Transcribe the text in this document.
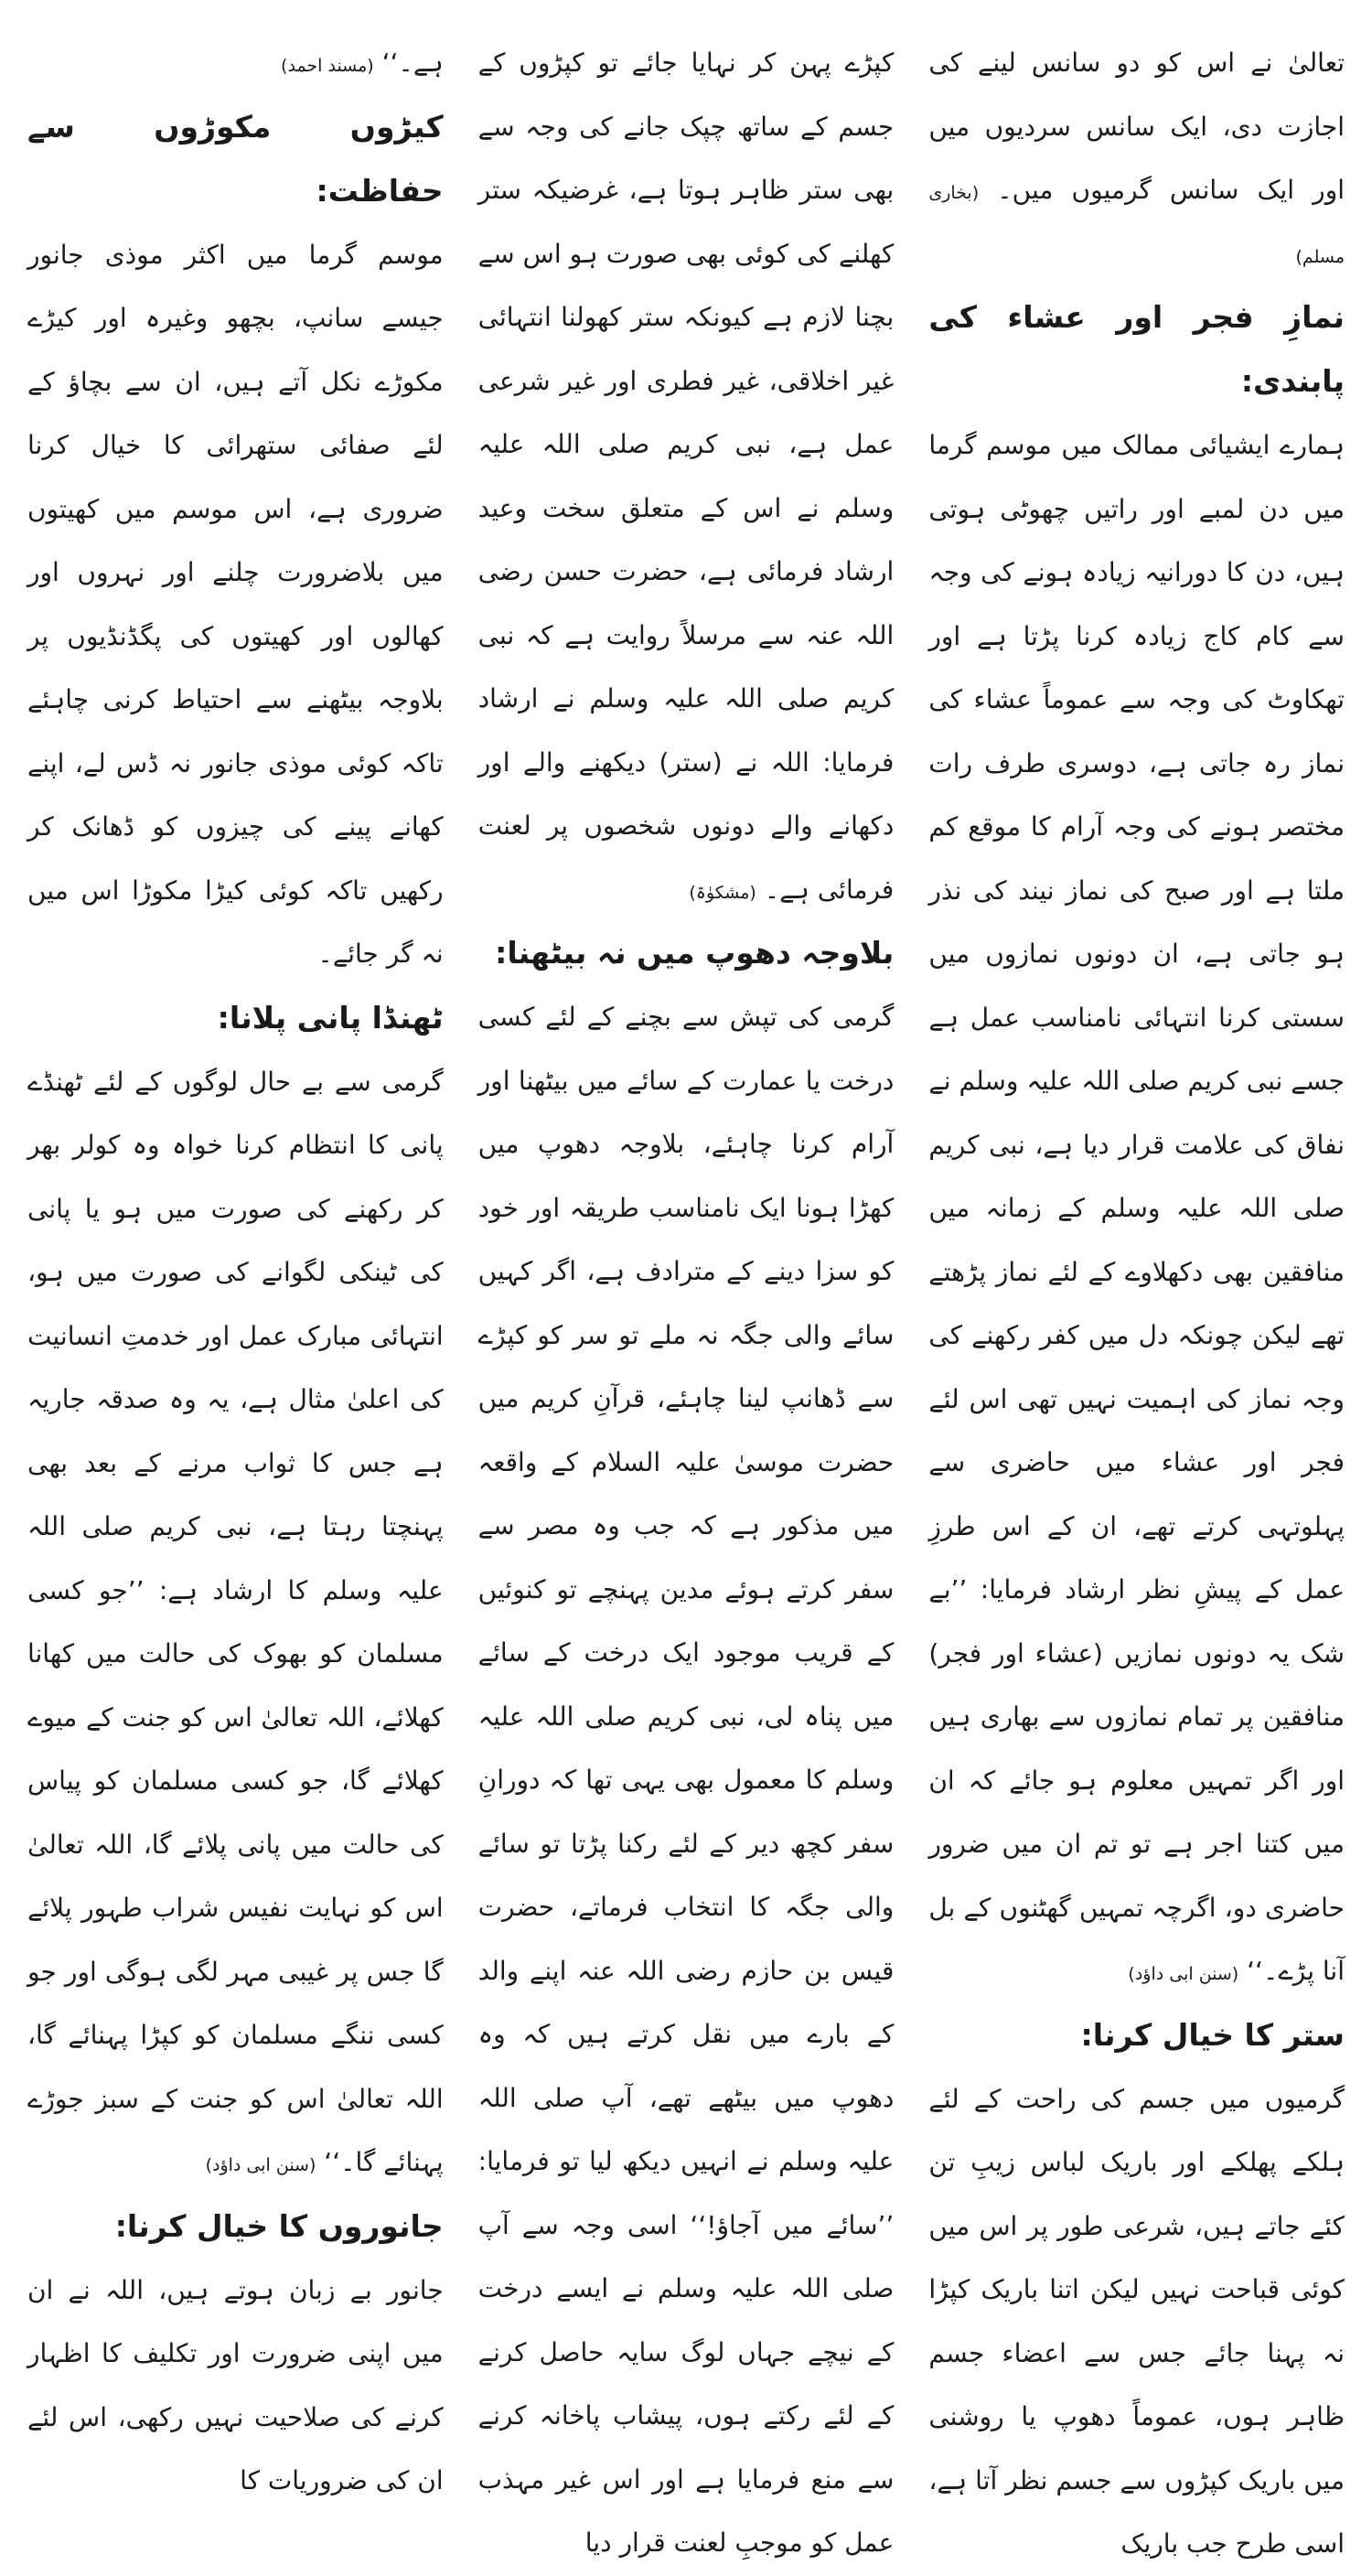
تعالیٰ نے اس کو دو سانس لینے کی اجازت دی، ایک سانس سردیوں میں اور ایک سانس گرمیوں میں۔ (بخاری مسلم)

نمازِ فجر اور عشاء کی پابندی:

ہمارے ایشیائی ممالک میں موسم گرما میں دن لمبے اور راتیں چھوٹی ہوتی ہیں، دن کا دورانیہ زیادہ ہونے کی وجہ سے کام کاج زیادہ کرنا پڑتا ہے اور تھکاوٹ کی وجہ سے عموماً عشاء کی نماز رہ جاتی ہے، دوسری طرف رات مختصر ہونے کی وجہ آرام کا موقع کم ملتا ہے اور صبح کی نماز نیند کی نذر ہو جاتی ہے، ان دونوں نمازوں میں سستی کرنا انتہائی نامناسب عمل ہے جسے نبی کریم صلی اللہ علیہ وسلم نے نفاق کی علامت قرار دیا ہے، نبی کریم صلی اللہ علیہ وسلم کے زمانہ میں منافقین بھی دکھلاوے کے لئے نماز پڑھتے تھے لیکن چونکہ دل میں کفر رکھنے کی وجہ نماز کی اہمیت نہیں تھی اس لئے فجر اور عشاء میں حاضری سے پہلوتہی کرتے تھے، ان کے اس طرزِ عمل کے پیشِ نظر ارشاد فرمایا: ’’بے شک یہ دونوں نمازیں (عشاء اور فجر) منافقین پر تمام نمازوں سے بھاری ہیں اور اگر تمہیں معلوم ہو جائے کہ ان میں کتنا اجر ہے تو تم ان میں ضرور حاضری دو، اگرچہ تمہیں گھٹنوں کے بل آنا پڑے۔‘‘ (سنن ابی داؤد)

ستر کا خیال کرنا:

گرمیوں میں جسم کی راحت کے لئے ہلکے پھلکے اور باریک لباس زیبِ تن کئے جاتے ہیں، شرعی طور پر اس میں کوئی قباحت نہیں لیکن اتنا باریک کپڑا نہ پہنا جائے جس سے اعضاء جسم ظاہر ہوں، عموماً دھوپ یا روشنی میں باریک کپڑوں سے جسم نظر آتا ہے، اسی طرح جب باریک

کپڑے پہن کر نہایا جائے تو کپڑوں کے جسم کے ساتھ چپک جانے کی وجہ سے بھی ستر ظاہر ہوتا ہے، غرضیکہ ستر کھلنے کی کوئی بھی صورت ہو اس سے بچنا لازم ہے کیونکہ ستر کھولنا انتہائی غیر اخلاقی، غیر فطری اور غیر شرعی عمل ہے، نبی کریم صلی اللہ علیہ وسلم نے اس کے متعلق سخت وعید ارشاد فرمائی ہے، حضرت حسن رضی اللہ عنہ سے مرسلاً روایت ہے کہ نبی کریم صلی اللہ علیہ وسلم نے ارشاد فرمایا: اللہ نے (ستر) دیکھنے والے اور دکھانے والے دونوں شخصوں پر لعنت فرمائی ہے۔ (مشکوٰۃ)

بلاوجہ دھوپ میں نہ بیٹھنا:

گرمی کی تپش سے بچنے کے لئے کسی درخت یا عمارت کے سائے میں بیٹھنا اور آرام کرنا چاہئے، بلاوجہ دھوپ میں کھڑا ہونا ایک نامناسب طریقہ اور خود کو سزا دینے کے مترادف ہے، اگر کہیں سائے والی جگہ نہ ملے تو سر کو کپڑے سے ڈھانپ لینا چاہئے، قرآنِ کریم میں حضرت موسیٰ علیہ السلام کے واقعہ میں مذکور ہے کہ جب وہ مصر سے سفر کرتے ہوئے مدین پہنچے تو کنوئیں کے قریب موجود ایک درخت کے سائے میں پناہ لی، نبی کریم صلی اللہ علیہ وسلم کا معمول بھی یہی تھا کہ دورانِ سفر کچھ دیر کے لئے رکنا پڑتا تو سائے والی جگہ کا انتخاب فرماتے، حضرت قیس بن حازم رضی اللہ عنہ اپنے والد کے بارے میں نقل کرتے ہیں کہ وہ دھوپ میں بیٹھے تھے، آپ صلی اللہ علیہ وسلم نے انہیں دیکھ لیا تو فرمایا: ’’سائے میں آجاؤ!‘‘ اسی وجہ سے آپ صلی اللہ علیہ وسلم نے ایسے درخت کے نیچے جہاں لوگ سایہ حاصل کرنے کے لئے رکتے ہوں، پیشاب پاخانہ کرنے سے منع فرمایا ہے اور اس غیر مہذب عمل کو موجبِ لعنت قرار دیا

ہے۔‘‘ (مسند احمد)

کیڑوں مکوڑوں سے حفاظت:

موسم گرما میں اکثر موذی جانور جیسے سانپ، بچھو وغیرہ اور کیڑے مکوڑے نکل آتے ہیں، ان سے بچاؤ کے لئے صفائی ستھرائی کا خیال کرنا ضروری ہے، اس موسم میں کھیتوں میں بلاضرورت چلنے اور نہروں اور کھالوں اور کھیتوں کی پگڈنڈیوں پر بلاوجہ بیٹھنے سے احتیاط کرنی چاہئے تاکہ کوئی موذی جانور نہ ڈس لے، اپنے کھانے پینے کی چیزوں کو ڈھانک کر رکھیں تاکہ کوئی کیڑا مکوڑا اس میں نہ گر جائے۔

ٹھنڈا پانی پلانا:

گرمی سے بے حال لوگوں کے لئے ٹھنڈے پانی کا انتظام کرنا خواہ وہ کولر بھر کر رکھنے کی صورت میں ہو یا پانی کی ٹینکی لگوانے کی صورت میں ہو، انتہائی مبارک عمل اور خدمتِ انسانیت کی اعلیٰ مثال ہے، یہ وہ صدقہ جاریہ ہے جس کا ثواب مرنے کے بعد بھی پہنچتا رہتا ہے، نبی کریم صلی اللہ علیہ وسلم کا ارشاد ہے: ’’جو کسی مسلمان کو بھوک کی حالت میں کھانا کھلائے، اللہ تعالیٰ اس کو جنت کے میوے کھلائے گا، جو کسی مسلمان کو پیاس کی حالت میں پانی پلائے گا، اللہ تعالیٰ اس کو نہایت نفیس شراب طہور پلائے گا جس پر غیبی مہر لگی ہوگی اور جو کسی ننگے مسلمان کو کپڑا پہنائے گا، اللہ تعالیٰ اس کو جنت کے سبز جوڑے پہنائے گا۔‘‘ (سنن ابی داؤد)

جانوروں کا خیال کرنا:

جانور بے زبان ہوتے ہیں، اللہ نے ان میں اپنی ضرورت اور تکلیف کا اظہار کرنے کی صلاحیت نہیں رکھی، اس لئے ان کی ضروریات کا
